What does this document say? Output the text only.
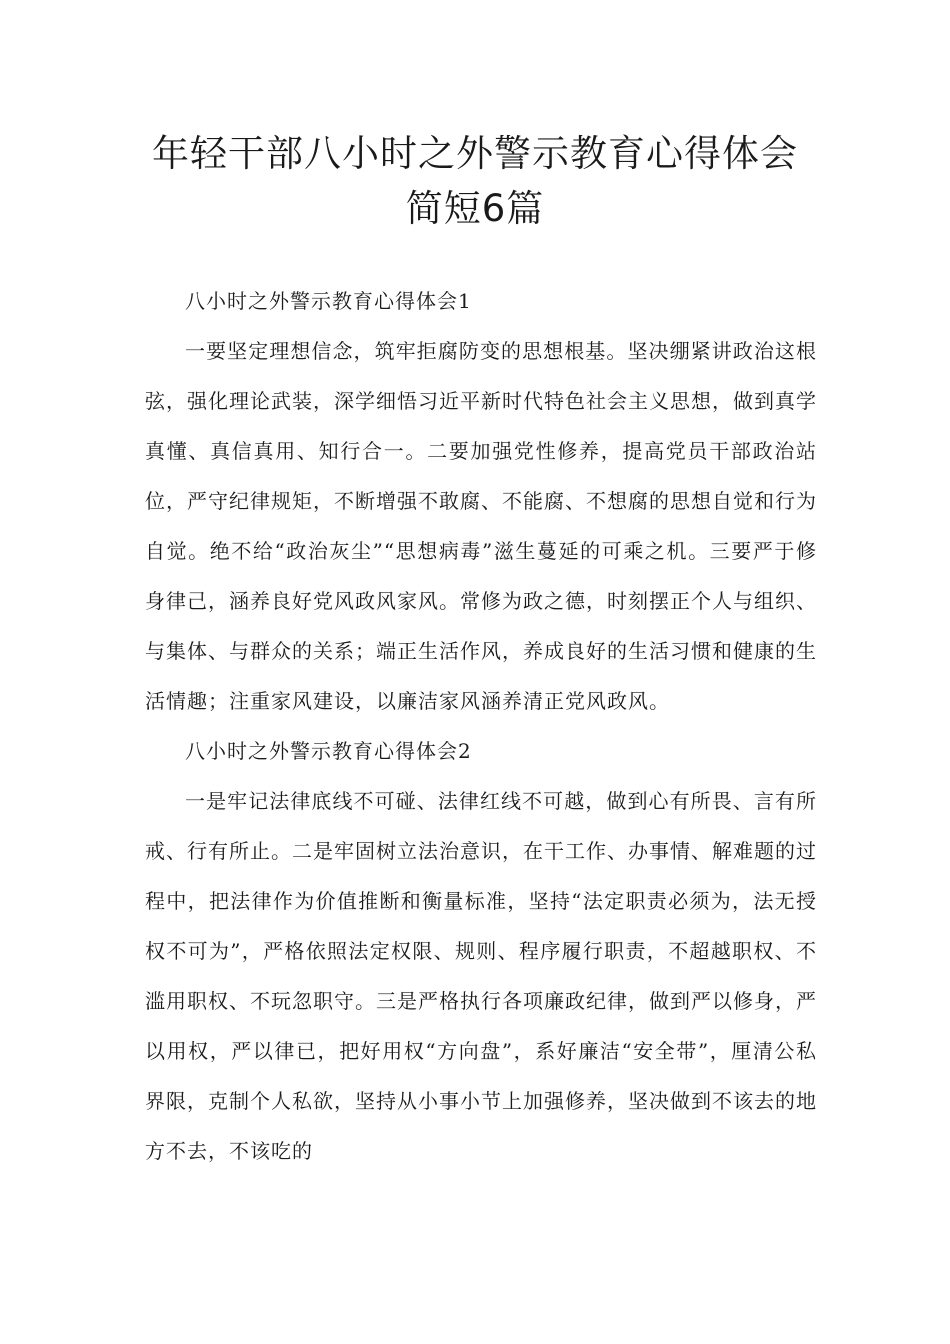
年轻干部八小时之外警示教育心得体会
简短6篇

八小时之外警示教育心得体会1

一要坚定理想信念，筑牢拒腐防变的思想根基。坚决绷紧讲政治这根弦，强化理论武装，深学细悟习近平新时代特色社会主义思想，做到真学真懂、真信真用、知行合一。二要加强党性修养，提高党员干部政治站位，严守纪律规矩，不断增强不敢腐、不能腐、不想腐的思想自觉和行为自觉。绝不给“政治灰尘”“思想病毒”滋生蔓延的可乘之机。三要严于修身律己，涵养良好党风政风家风。常修为政之德，时刻摆正个人与组织、与集体、与群众的关系；端正生活作风，养成良好的生活习惯和健康的生活情趣；注重家风建设，以廉洁家风涵养清正党风政风。

八小时之外警示教育心得体会2

一是牢记法律底线不可碰、法律红线不可越，做到心有所畏、言有所戒、行有所止。二是牢固树立法治意识，在干工作、办事情、解难题的过程中，把法律作为价值推断和衡量标准，坚持“法定职责必须为，法无授权不可为”，严格依照法定权限、规则、程序履行职责，不超越职权、不滥用职权、不玩忽职守。三是严格执行各项廉政纪律，做到严以修身，严以用权，严以律已，把好用权“方向盘”，系好廉洁“安全带”，厘清公私界限，克制个人私欲，坚持从小事小节上加强修养，坚决做到不该去的地方不去，不该吃的
